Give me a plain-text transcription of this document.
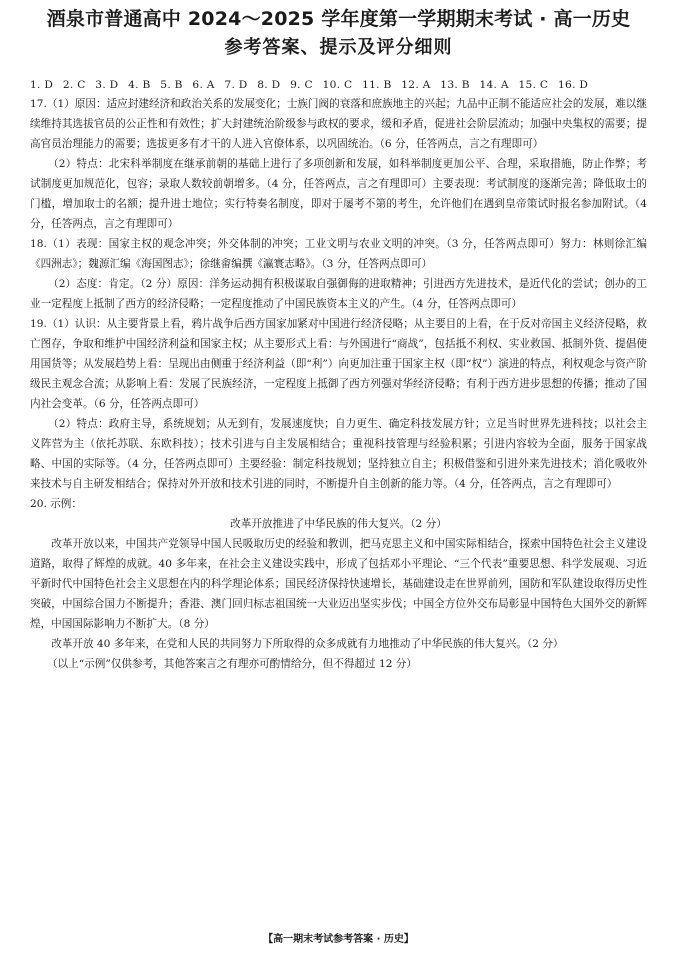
酒泉市普通高中 2024～2025 学年度第一学期期末考试 · 高一历史
参考答案、提示及评分细则
1. D 2. C 3. D 4. B 5. B 6. A 7. D 8. D 9. C 10. C 11. B 12. A 13. B 14. A 15. C 16. D
17.（1）原因：适应封建经济和政治关系的发展变化；士族门阀的衰落和庶族地主的兴起；九品中正制不能适应社会的发展，难以继续维持其选拔官员的公正性和有效性；扩大封建统治阶级参与政权的要求，缓和矛盾，促进社会阶层流动；加强中央集权的需要；提高官员治理能力的需要；选拔更多有才干的人进入官僚体系，以巩固统治。（6 分，任答两点，言之有理即可）
（2）特点：北宋科举制度在继承前朝的基础上进行了多项创新和发展，如科举制度更加公平、合理，采取措施，防止作弊；考试制度更加规范化，包容；录取人数较前朝增多。（4 分，任答两点，言之有理即可）主要表现：考试制度的逐渐完善；降低取士的门槛，增加取士的名额；提升进士地位；实行特奏名制度，即对于屡考不第的考生，允许他们在遇到皇帝策试时报名参加附试。（4 分，任答两点，言之有理即可）
18.（1）表现：国家主权的观念冲突；外交体制的冲突；工业文明与农业文明的冲突。（3 分，任答两点即可）努力：林则徐汇编《四洲志》；魏源汇编《海国图志》；徐继畬编撰《瀛寰志略》。（3 分，任答两点即可）
（2）态度：肯定。（2 分）原因：洋务运动拥有积极谋取自强御侮的进取精神；引进西方先进技术，是近代化的尝试；创办的工业一定程度上抵制了西方的经济侵略；一定程度推动了中国民族资本主义的产生。（4 分，任答两点即可）
19.（1）认识：从主要背景上看，鸦片战争后西方国家加紧对中国进行经济侵略；从主要目的上看，在于反对帝国主义经济侵略，救亡图存，争取和维护中国经济利益和国家主权；从主要形式上看：与外国进行“商战”，包括抵不利权、实业救国、抵制外货、提倡使用国货等；从发展趋势上看：呈现出由侧重于经济利益（即“利”）向更加注重于国家主权（即“权”）演进的特点，利权观念与资产阶级民主观念合流；从影响上看：发展了民族经济，一定程度上抵御了西方列强对华经济侵略；有利于西方进步思想的传播；推动了国内社会变革。（6 分，任答两点即可）
（2）特点：政府主导，系统规划；从无到有，发展速度快；自力更生、确定科技发展方针；立足当时世界先进科技；以社会主义阵营为主（依托苏联、东欧科技）；技术引进与自主发展相结合；重视科技管理与经验积累；引进内容较为全面，服务于国家战略、中国的实际等。（4 分，任答两点即可）主要经验：制定科技规划；坚持独立自主；积极借鉴和引进外来先进技术；消化吸收外来技术与自主研发相结合；保持对外开放和技术引进的同时，不断提升自主创新的能力等。（4 分，任答两点，言之有理即可）
20. 示例：
改革开放推进了中华民族的伟大复兴。（2 分）
改革开放以来，中国共产党领导中国人民吸取历史的经验和教训，把马克思主义和中国实际相结合，探索中国特色社会主义建设道路，取得了辉煌的成就。40 多年来，在社会主义建设实践中，形成了包括邓小平理论、“三个代表”重要思想、科学发展观、习近平新时代中国特色社会主义思想在内的科学理论体系；国民经济保持快速增长，基础建设走在世界前列，国防和军队建设取得历史性突破，中国综合国力不断提升；香港、澳门回归标志祖国统一大业迈出坚实步伐；中国全方位外交布局彰显中国特色大国外交的新辉煌，中国国际影响力不断扩大。（8 分）
改革开放 40 多年来，在党和人民的共同努力下所取得的众多成就有力地推动了中华民族的伟大复兴。（2 分）
（以上“示例”仅供参考，其他答案言之有理亦可酌情给分，但不得超过 12 分）
【高一期末考试参考答案 · 历史】
